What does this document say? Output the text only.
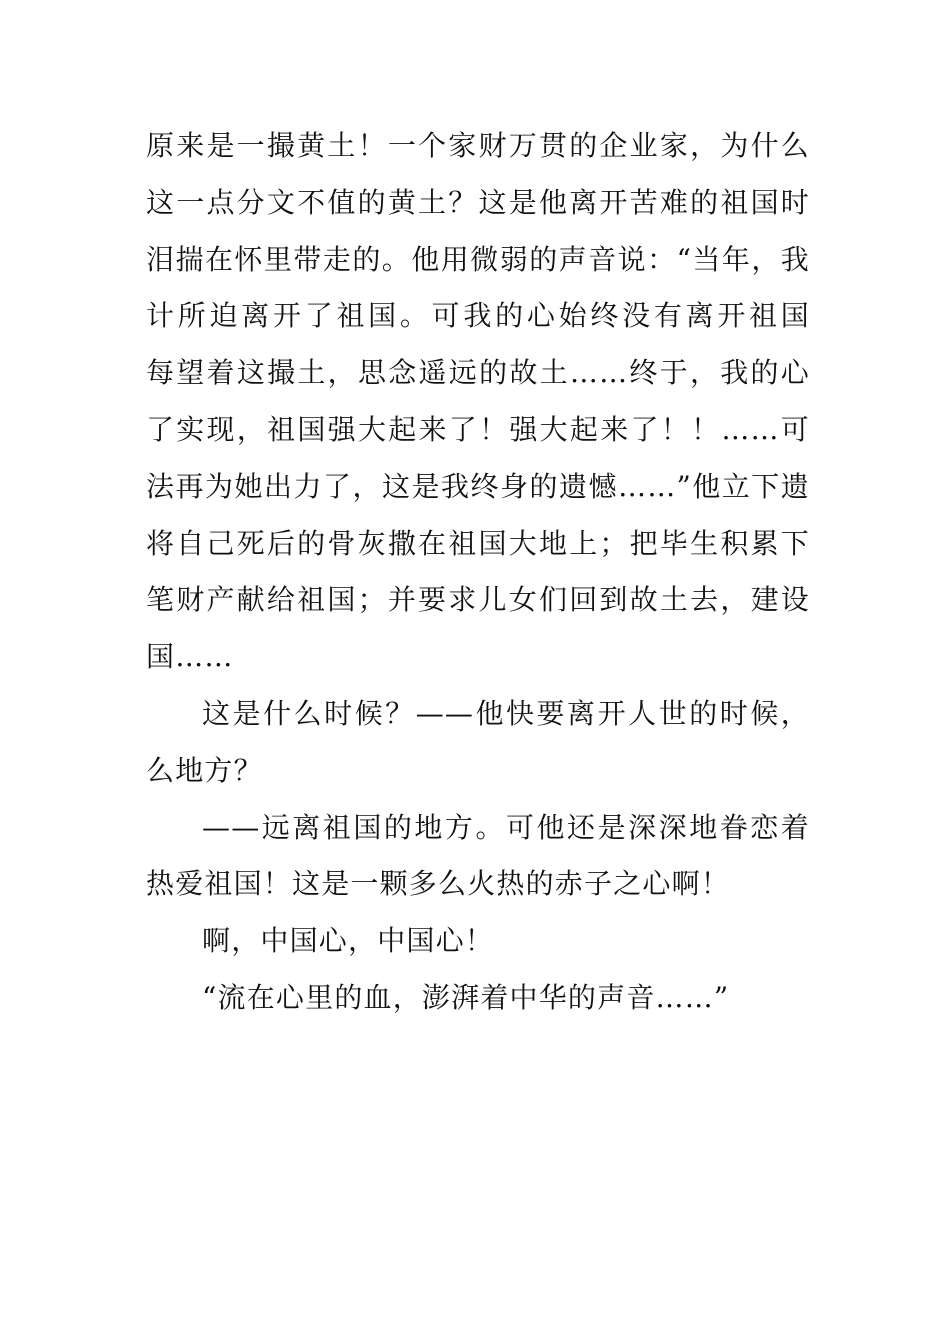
原来是一撮黄土！一个家财万贯的企业家，为什么
这一点分文不值的黄土？这是他离开苦难的祖国时
泪揣在怀里带走的。他用微弱的声音说：“当年，我
计所迫离开了祖国。可我的心始终没有离开祖国
每望着这撮土，思念遥远的故土……终于，我的心
了实现，祖国强大起来了！强大起来了！！……可
法再为她出力了，这是我终身的遗憾……”他立下遗
将自己死后的骨灰撒在祖国大地上；把毕生积累下
笔财产献给祖国；并要求儿女们回到故土去，建设
国……
这是什么时候？——他快要离开人世的时候，
么地方？
——远离祖国的地方。可他还是深深地眷恋着
热爱祖国！这是一颗多么火热的赤子之心啊！
啊，中国心，中国心！
“流在心里的血，澎湃着中华的声音……”
